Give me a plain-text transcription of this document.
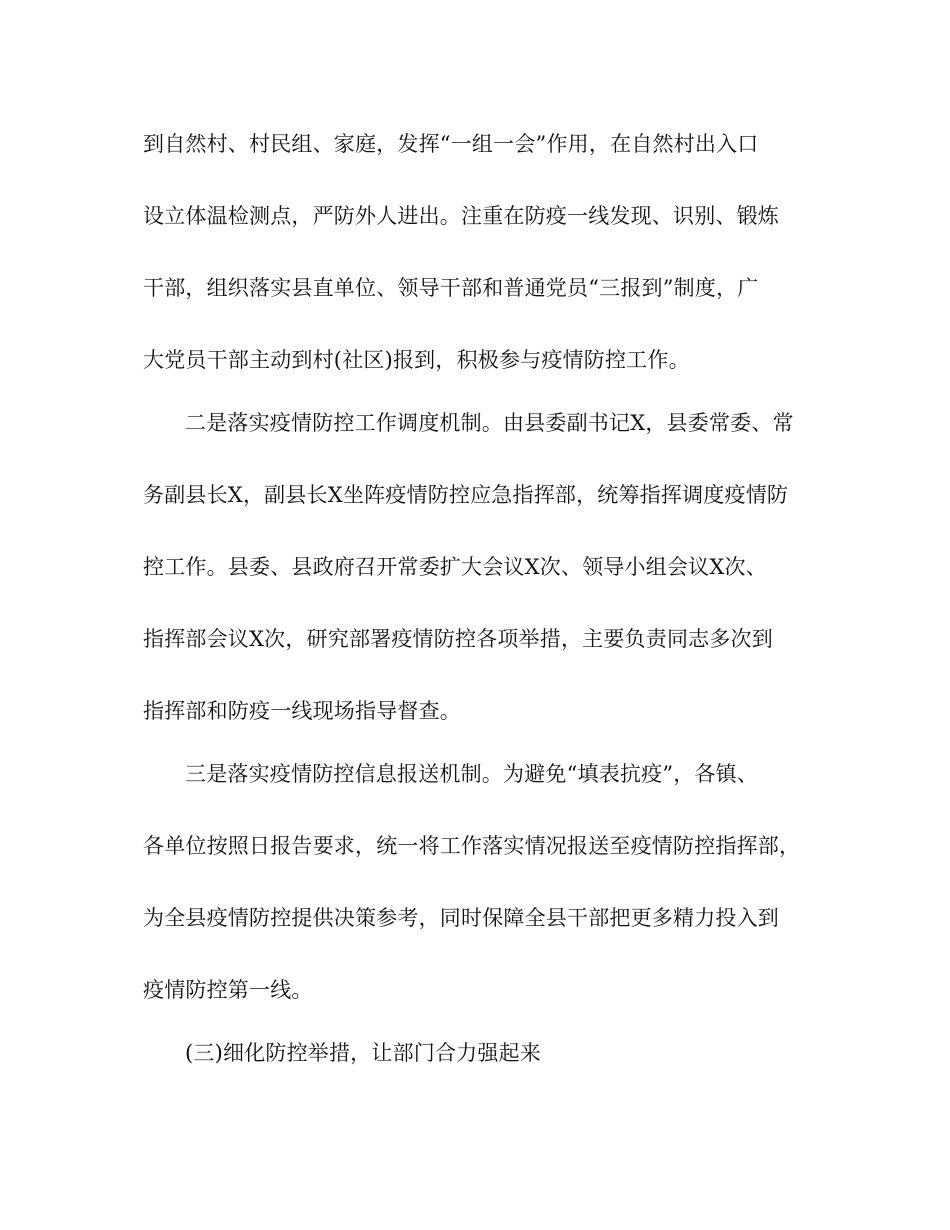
到自然村、村民组、家庭，发挥“一组一会”作用，在自然村出入口
设立体温检测点，严防外人进出。注重在防疫一线发现、识别、锻炼
干部，组织落实县直单位、领导干部和普通党员“三报到”制度，广
大党员干部主动到村(社区)报到，积极参与疫情防控工作。
二是落实疫情防控工作调度机制。由县委副书记X，县委常委、常
务副县长X，副县长X坐阵疫情防控应急指挥部，统筹指挥调度疫情防
控工作。县委、县政府召开常委扩大会议X次、领导小组会议X次、
指挥部会议X次，研究部署疫情防控各项举措，主要负责同志多次到
指挥部和防疫一线现场指导督查。
三是落实疫情防控信息报送机制。为避免“填表抗疫”，各镇、
各单位按照日报告要求，统一将工作落实情况报送至疫情防控指挥部，
为全县疫情防控提供决策参考，同时保障全县干部把更多精力投入到
疫情防控第一线。
(三)细化防控举措，让部门合力强起来
